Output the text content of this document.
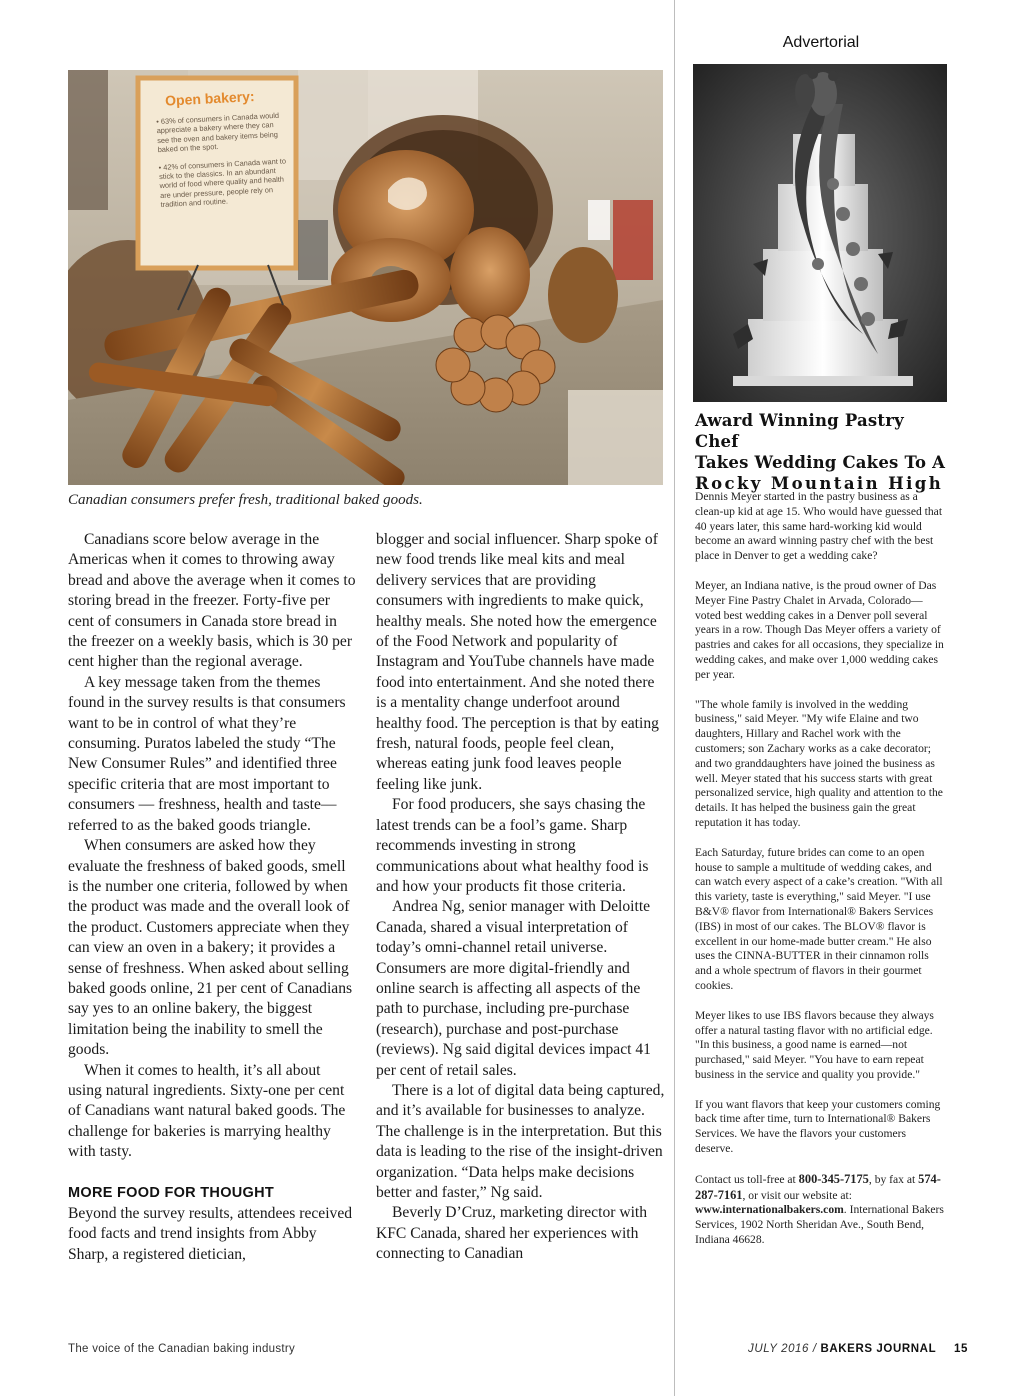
Advertorial
Open bakery:
• 63% of consumers in Canada would appreciate a bakery where they can see the oven and bakery items being baked on the spot.
• 42% of consumers in Canada want to stick to the classics. In an abundant world of food where quality and health are under pressure, people rely on tradition and routine.
Canadian consumers prefer fresh, traditional baked goods.

Canadians score below average in the Americas when it comes to throwing away bread and above the average when it comes to storing bread in the freezer. Forty-five per cent of consumers in Canada store bread in the freezer on a weekly basis, which is 30 per cent higher than the regional average.

A key message taken from the themes found in the survey results is that consumers want to be in control of what they’re consuming. Puratos labeled the study “The New Consumer Rules” and identified three specific criteria that are most important to consumers — freshness, health and taste—referred to as the baked goods triangle.

When consumers are asked how they evaluate the freshness of baked goods, smell is the number one criteria, followed by when the product was made and the overall look of the product. Customers appreciate when they can view an oven in a bakery; it provides a sense of freshness. When asked about selling baked goods online, 21 per cent of Canadians say yes to an online bakery, the biggest limitation being the inability to smell the goods.

When it comes to health, it’s all about using natural ingredients. Sixty-one per cent of Canadians want natural baked goods. The challenge for bakeries is marrying healthy with tasty.

MORE FOOD FOR THOUGHT

Beyond the survey results, attendees received food facts and trend insights from Abby Sharp, a registered dietician,

blogger and social influencer. Sharp spoke of new food trends like meal kits and meal delivery services that are providing consumers with ingredients to make quick, healthy meals. She noted how the emergence of the Food Network and popularity of Instagram and YouTube channels have made food into entertainment. And she noted there is a mentality change underfoot around healthy food. The perception is that by eating fresh, natural foods, people feel clean, whereas eating junk food leaves people feeling like junk.

For food producers, she says chasing the latest trends can be a fool’s game. Sharp recommends investing in strong communications about what healthy food is and how your products fit those criteria.

Andrea Ng, senior manager with Deloitte Canada, shared a visual interpretation of today’s omni-channel retail universe. Consumers are more digital-friendly and online search is affecting all aspects of the path to purchase, including pre-purchase (research), purchase and post-purchase (reviews). Ng said digital devices impact 41 per cent of retail sales.

There is a lot of digital data being captured, and it’s available for businesses to analyze. The challenge is in the interpretation. But this data is leading to the rise of the insight-driven organization. “Data helps make decisions better and faster,” Ng said.

Beverly D’Cruz, marketing director with KFC Canada, shared her experiences with connecting to Canadian

Award Winning Pastry Chef
Takes Wedding Cakes To A
Rocky Mountain High

Dennis Meyer started in the pastry business as a clean-up kid at age 15. Who would have guessed that 40 years later, this same hard-working kid would become an award winning pastry chef with the best place in Denver to get a wedding cake?

Meyer, an Indiana native, is the proud owner of Das Meyer Fine Pastry Chalet in Arvada, Colorado—voted best wedding cakes in a Denver poll several years in a row. Though Das Meyer offers a variety of pastries and cakes for all occasions, they specialize in wedding cakes, and make over 1,000 wedding cakes per year.

"The whole family is involved in the wedding business," said Meyer. "My wife Elaine and two daughters, Hillary and Rachel work with the customers; son Zachary works as a cake decorator; and two granddaughters have joined the business as well. Meyer stated that his success starts with great personalized service, high quality and attention to the details. It has helped the business gain the great reputation it has today.

Each Saturday, future brides can come to an open house to sample a multitude of wedding cakes, and can watch every aspect of a cake’s creation. "With all this variety, taste is everything," said Meyer. "I use B&V® flavor from International® Bakers Services (IBS) in most of our cakes. The BLOV® flavor is excellent in our home-made butter cream." He also uses the CINNA-BUTTER in their cinnamon rolls and a whole spectrum of flavors in their gourmet cookies.

Meyer likes to use IBS flavors because they always offer a natural tasting flavor with no artificial edge. "In this business, a good name is earned—not purchased," said Meyer. "You have to earn repeat business in the service and quality you provide."

If you want flavors that keep your customers coming back time after time, turn to International® Bakers Services. We have the flavors your customers deserve.

Contact us toll-free at 800-345-7175, by fax at 574-287-7161, or visit our website at: www.internationalbakers.com. International Bakers Services, 1902 North Sheridan Ave., South Bend, Indiana 46628.

The voice of the Canadian baking industry	JULY 2016 / BAKERS JOURNAL 15
